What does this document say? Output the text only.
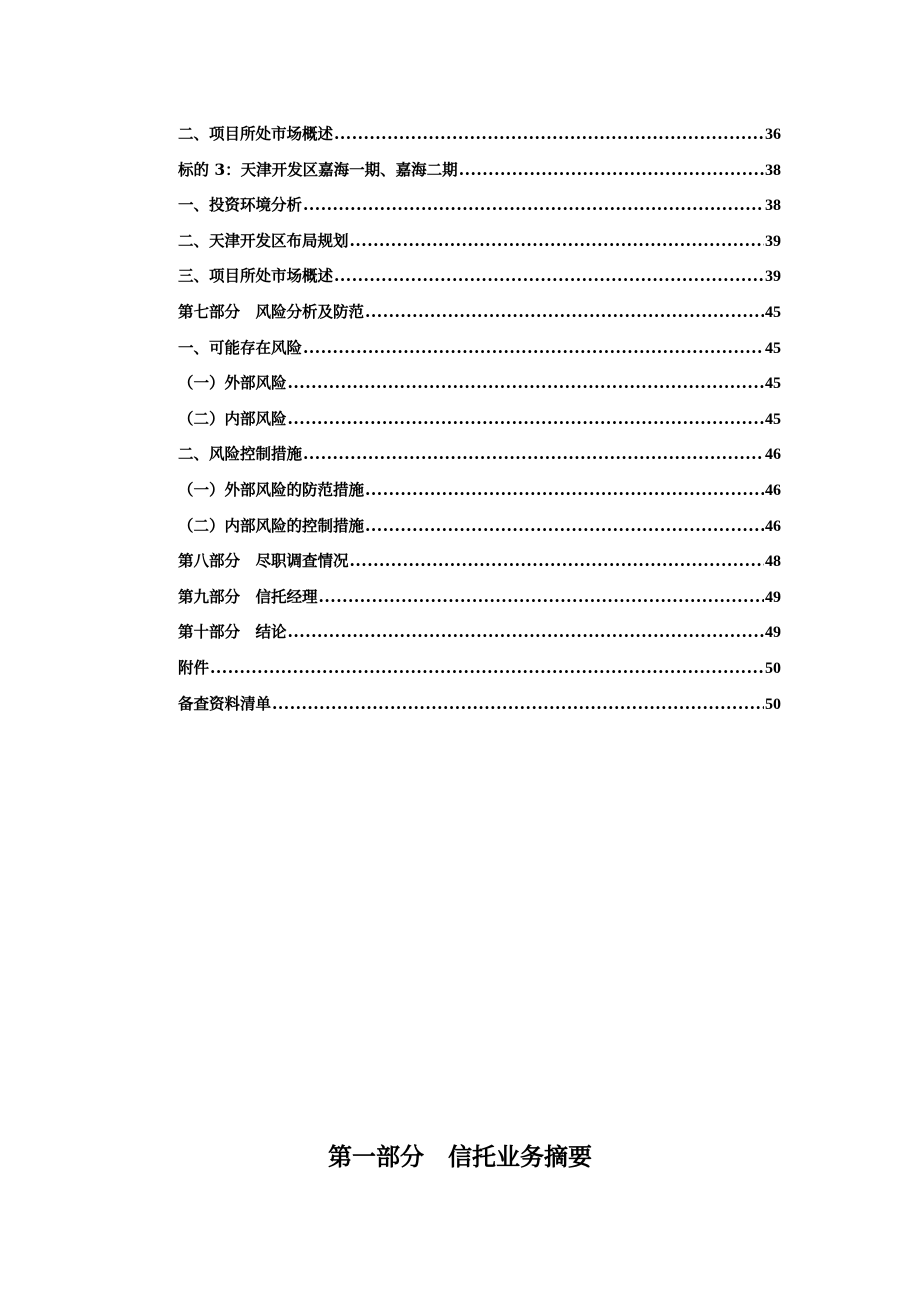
二、项目所处市场概述 .....	36
标的 3：天津开发区嘉海一期、嘉海二期 .....	38
一、投资环境分析 .....	38
二、天津开发区布局规划 .....	39
三、项目所处市场概述 .....	39
第七部分　风险分析及防范 .....	45
一、可能存在风险 .....	45
（一）外部风险 .....	45
（二）内部风险 .....	45
二、风险控制措施 .....	46
（一）外部风险的防范措施 .....	46
（二）内部风险的控制措施 .....	46
第八部分　尽职调查情况 .....	48
第九部分　信托经理 .....	49
第十部分　结论 .....	49
附件 .....	50
备查资料清单 .....	50
第一部分　信托业务摘要
